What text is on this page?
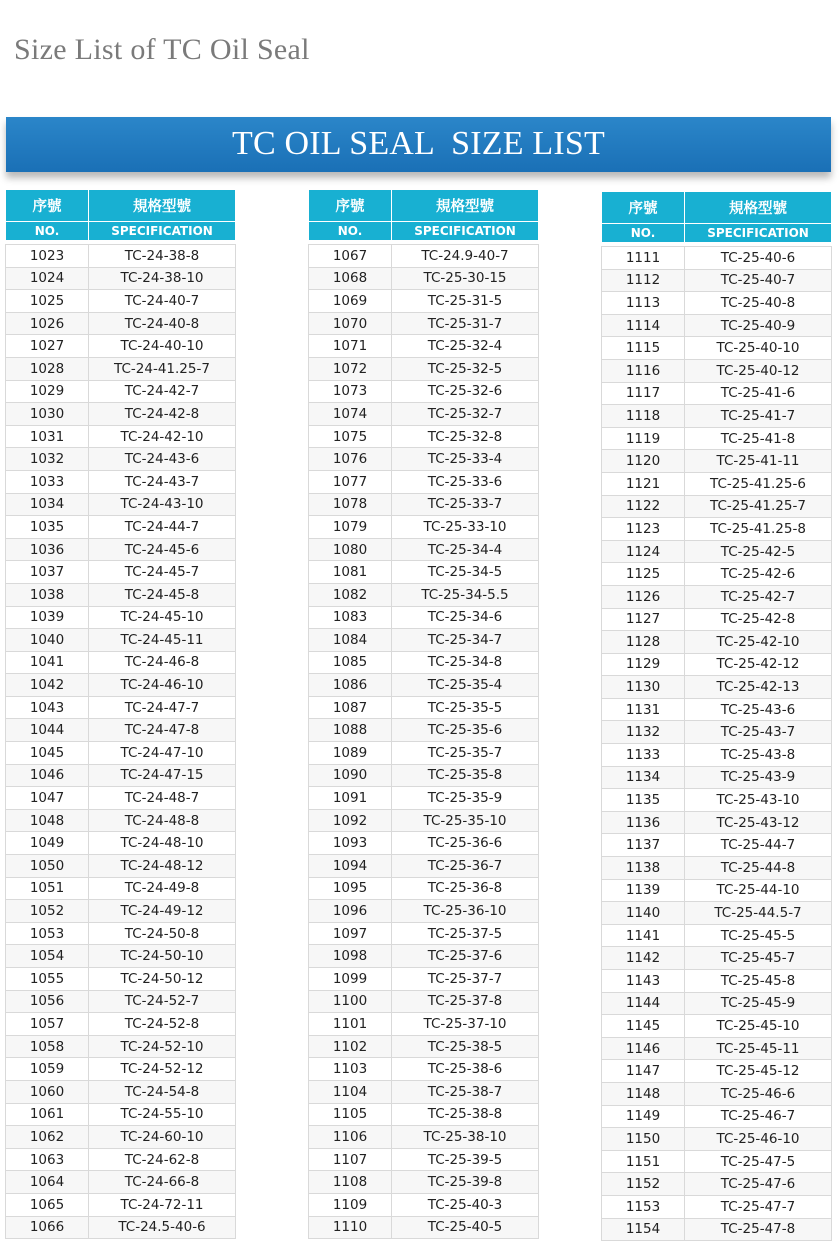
Size List of TC Oil Seal
TC OIL SEAL  SIZE LIST
序號	規格型號
NO.	SPECIFICATION

1023	TC-24-38-8
1024	TC-24-38-10
1025	TC-24-40-7
1026	TC-24-40-8
1027	TC-24-40-10
1028	TC-24-41.25-7
1029	TC-24-42-7
1030	TC-24-42-8
1031	TC-24-42-10
1032	TC-24-43-6
1033	TC-24-43-7
1034	TC-24-43-10
1035	TC-24-44-7
1036	TC-24-45-6
1037	TC-24-45-7
1038	TC-24-45-8
1039	TC-24-45-10
1040	TC-24-45-11
1041	TC-24-46-8
1042	TC-24-46-10
1043	TC-24-47-7
1044	TC-24-47-8
1045	TC-24-47-10
1046	TC-24-47-15
1047	TC-24-48-7
1048	TC-24-48-8
1049	TC-24-48-10
1050	TC-24-48-12
1051	TC-24-49-8
1052	TC-24-49-12
1053	TC-24-50-8
1054	TC-24-50-10
1055	TC-24-50-12
1056	TC-24-52-7
1057	TC-24-52-8
1058	TC-24-52-10
1059	TC-24-52-12
1060	TC-24-54-8
1061	TC-24-55-10
1062	TC-24-60-10
1063	TC-24-62-8
1064	TC-24-66-8
1065	TC-24-72-11
1066	TC-24.5-40-6
序號	規格型號
NO.	SPECIFICATION

1067	TC-24.9-40-7
1068	TC-25-30-15
1069	TC-25-31-5
1070	TC-25-31-7
1071	TC-25-32-4
1072	TC-25-32-5
1073	TC-25-32-6
1074	TC-25-32-7
1075	TC-25-32-8
1076	TC-25-33-4
1077	TC-25-33-6
1078	TC-25-33-7
1079	TC-25-33-10
1080	TC-25-34-4
1081	TC-25-34-5
1082	TC-25-34-5.5
1083	TC-25-34-6
1084	TC-25-34-7
1085	TC-25-34-8
1086	TC-25-35-4
1087	TC-25-35-5
1088	TC-25-35-6
1089	TC-25-35-7
1090	TC-25-35-8
1091	TC-25-35-9
1092	TC-25-35-10
1093	TC-25-36-6
1094	TC-25-36-7
1095	TC-25-36-8
1096	TC-25-36-10
1097	TC-25-37-5
1098	TC-25-37-6
1099	TC-25-37-7
1100	TC-25-37-8
1101	TC-25-37-10
1102	TC-25-38-5
1103	TC-25-38-6
1104	TC-25-38-7
1105	TC-25-38-8
1106	TC-25-38-10
1107	TC-25-39-5
1108	TC-25-39-8
1109	TC-25-40-3
1110	TC-25-40-5
序號	規格型號
NO.	SPECIFICATION

1111	TC-25-40-6
1112	TC-25-40-7
1113	TC-25-40-8
1114	TC-25-40-9
1115	TC-25-40-10
1116	TC-25-40-12
1117	TC-25-41-6
1118	TC-25-41-7
1119	TC-25-41-8
1120	TC-25-41-11
1121	TC-25-41.25-6
1122	TC-25-41.25-7
1123	TC-25-41.25-8
1124	TC-25-42-5
1125	TC-25-42-6
1126	TC-25-42-7
1127	TC-25-42-8
1128	TC-25-42-10
1129	TC-25-42-12
1130	TC-25-42-13
1131	TC-25-43-6
1132	TC-25-43-7
1133	TC-25-43-8
1134	TC-25-43-9
1135	TC-25-43-10
1136	TC-25-43-12
1137	TC-25-44-7
1138	TC-25-44-8
1139	TC-25-44-10
1140	TC-25-44.5-7
1141	TC-25-45-5
1142	TC-25-45-7
1143	TC-25-45-8
1144	TC-25-45-9
1145	TC-25-45-10
1146	TC-25-45-11
1147	TC-25-45-12
1148	TC-25-46-6
1149	TC-25-46-7
1150	TC-25-46-10
1151	TC-25-47-5
1152	TC-25-47-6
1153	TC-25-47-7
1154	TC-25-47-8
